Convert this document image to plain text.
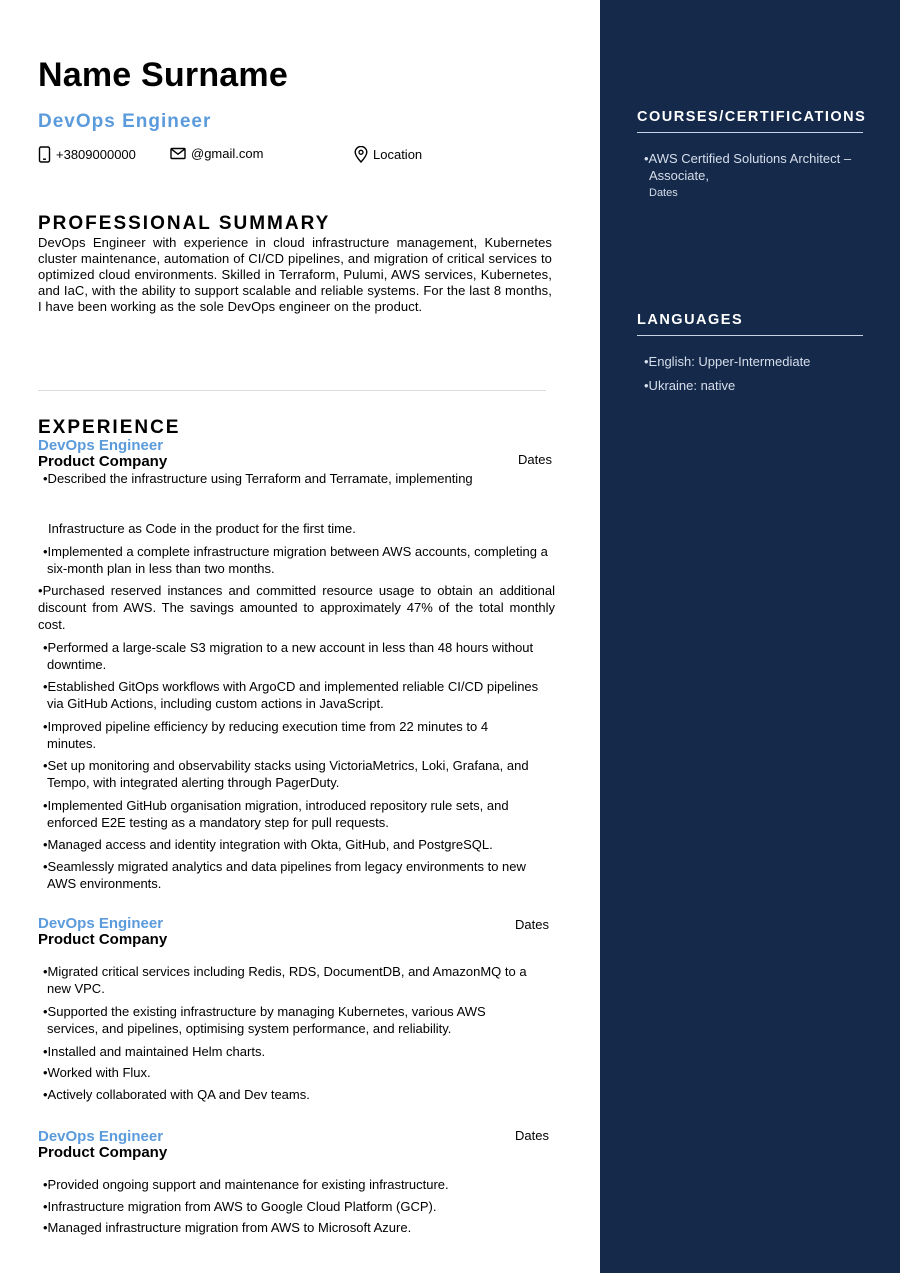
Name Surname
DevOps Engineer
+3809000000	@gmail.com	Location
PROFESSIONAL SUMMARY

DevOps Engineer with experience in cloud infrastructure management, Kubernetes cluster maintenance, automation of CI/CD pipelines, and migration of critical services to optimized cloud environments. Skilled in Terraform, Pulumi, AWS services, Kubernetes, and IaC, with the ability to support scalable and reliable systems. For the last 8 months, I have been working as the sole DevOps engineer on the product.

EXPERIENCE
DevOps Engineer
Product Company	Dates
•Described the infrastructure using Terraform and Terramate, implementing
Infrastructure as Code in the product for the first time.
•Implemented a complete infrastructure migration between AWS accounts, completing a six-month plan in less than two months.
• Purchased reserved instances and committed resource usage to obtain an additional discount from AWS. The savings amounted to approximately 47% of the total monthly cost.
•Performed a large-scale S3 migration to a new account in less than 48 hours without downtime.
•Established GitOps workflows with ArgoCD and implemented reliable CI/CD pipelines via GitHub Actions, including custom actions in JavaScript.
•Improved pipeline efficiency by reducing execution time from 22 minutes to 4 minutes.
•Set up monitoring and observability stacks using VictoriaMetrics, Loki, Grafana, and Tempo, with integrated alerting through PagerDuty.
•Implemented GitHub organisation migration, introduced repository rule sets, and enforced E2E testing as a mandatory step for pull requests.
•Managed access and identity integration with Okta, GitHub, and PostgreSQL.
•Seamlessly migrated analytics and data pipelines from legacy environments to new AWS environments.
DevOps Engineer
Product Company
Dates
•Migrated critical services including Redis, RDS, DocumentDB, and AmazonMQ to a new VPC.
•Supported the existing infrastructure by managing Kubernetes, various AWS services, and pipelines, optimising system performance, and reliability.
•Installed and maintained Helm charts.
•Worked with Flux.
•Actively collaborated with QA and Dev teams.
DevOps Engineer
Product Company
Dates
•Provided ongoing support and maintenance for existing infrastructure.
•Infrastructure migration from AWS to Google Cloud Platform (GCP).
•Managed infrastructure migration from AWS to Microsoft Azure.
COURSES/CERTIFICATIONS
•AWS Certified Solutions Architect – Associate,
Dates
LANGUAGES
•English: Upper-Intermediate
•Ukraine: native
